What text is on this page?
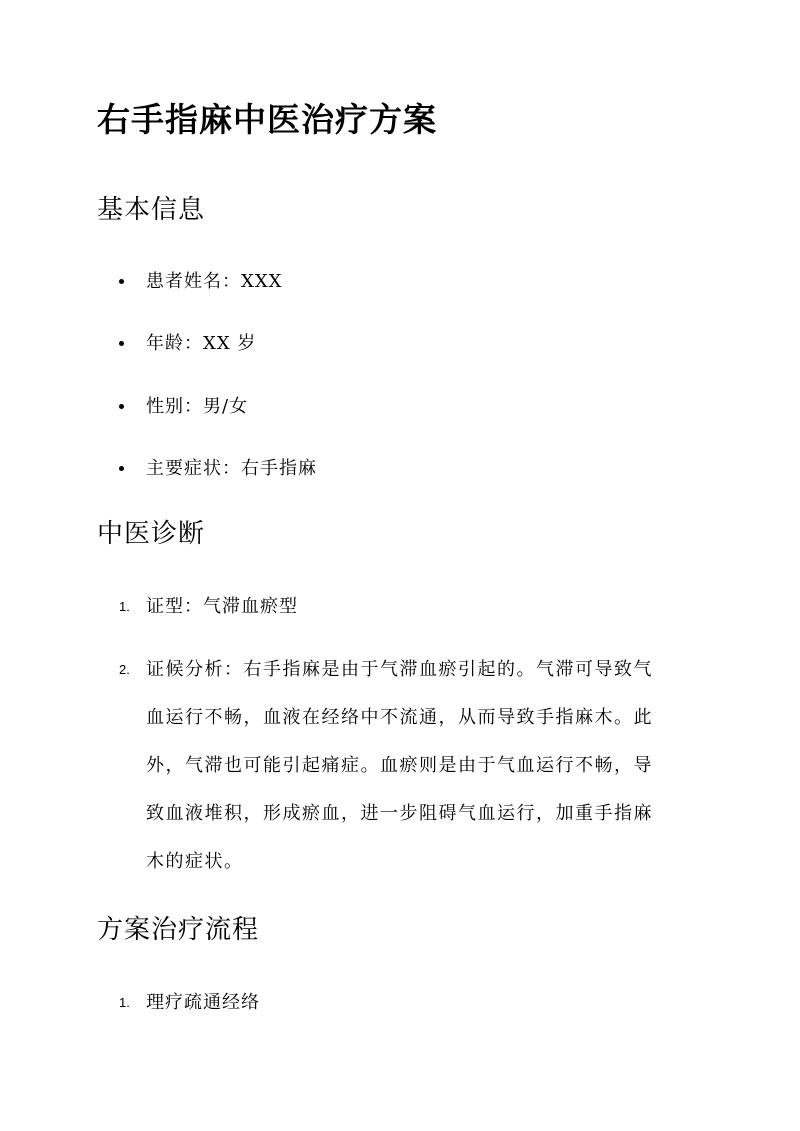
右手指麻中医治疗方案
基本信息
患者姓名：XXX
年龄：XX 岁
性别：男/女
主要症状：右手指麻
中医诊断
1. 证型：气滞血瘀型
2. 证候分析：右手指麻是由于气滞血瘀引起的。气滞可导致气
血运行不畅，血液在经络中不流通，从而导致手指麻木。此
外，气滞也可能引起痛症。血瘀则是由于气血运行不畅，导
致血液堆积，形成瘀血，进一步阻碍气血运行，加重手指麻
木的症状。
方案治疗流程
1. 理疗疏通经络
